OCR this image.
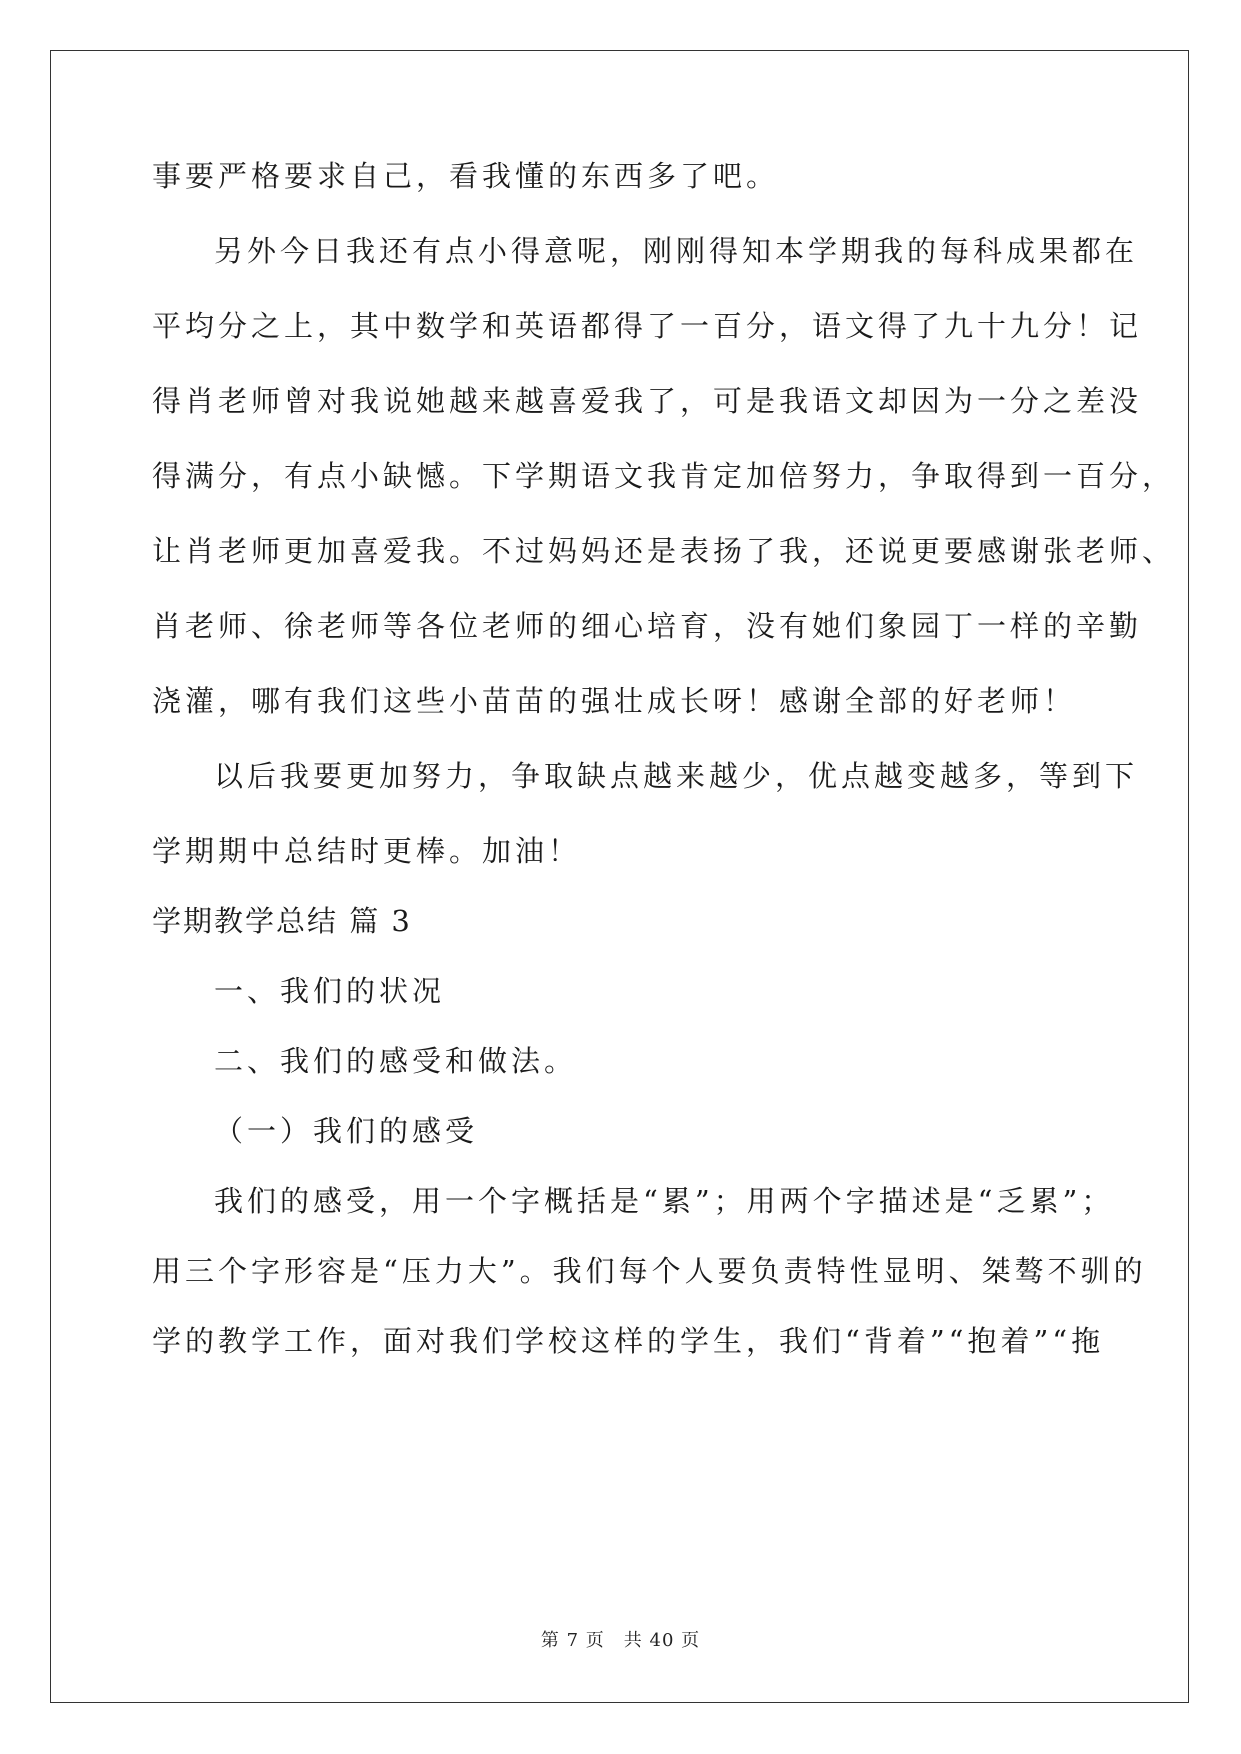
事要严格要求自己，看我懂的东西多了吧。
另外今日我还有点小得意呢，刚刚得知本学期我的每科成果都在
平均分之上，其中数学和英语都得了一百分，语文得了九十九分！记
得肖老师曾对我说她越来越喜爱我了，可是我语文却因为一分之差没
得满分，有点小缺憾。下学期语文我肯定加倍努力，争取得到一百分，
让肖老师更加喜爱我。不过妈妈还是表扬了我，还说更要感谢张老师、
肖老师、徐老师等各位老师的细心培育，没有她们象园丁一样的辛勤
浇灌，哪有我们这些小苗苗的强壮成长呀！感谢全部的好老师！
以后我要更加努力，争取缺点越来越少，优点越变越多，等到下
学期期中总结时更棒。加油！
学期教学总结 篇 3
一、我们的状况
二、我们的感受和做法。
（一）我们的感受
我们的感受，用一个字概括是“累”；用两个字描述是“乏累”；
用三个字形容是“压力大”。我们每个人要负责特性显明、桀骜不驯的
学的教学工作，面对我们学校这样的学生，我们“背着”“抱着”“拖
第 7 页　共 40 页
